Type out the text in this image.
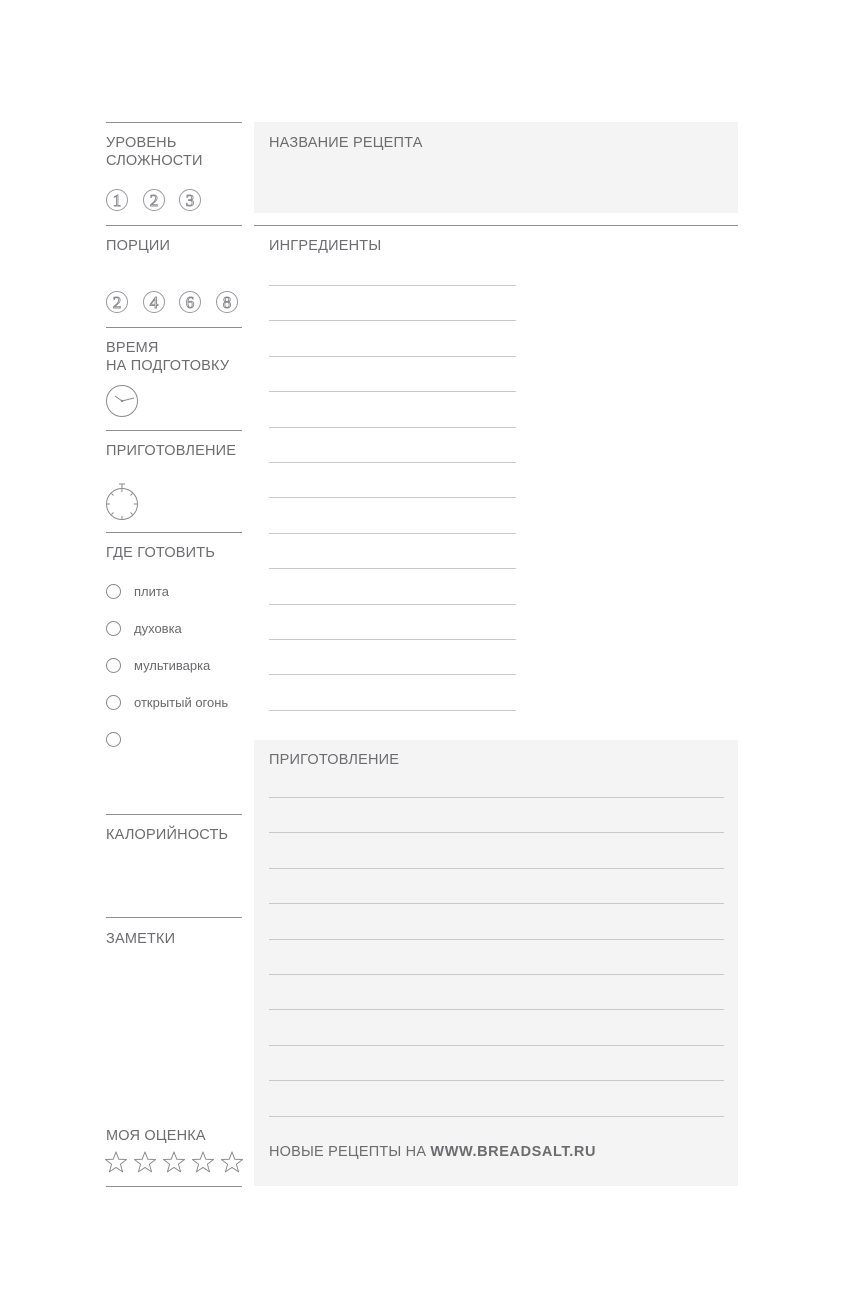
УРОВЕНЬ
СЛОЖНОСТИ
1	2	3
ПОРЦИИ
2	4	6	8
ВРЕМЯ
НА ПОДГОТОВКУ
ПРИГОТОВЛЕНИЕ
ГДЕ ГОТОВИТЬ
плита
духовка
мультиварка
открытый огонь
КАЛОРИЙНОСТЬ
ЗАМЕТКИ
МОЯ ОЦЕНКА
НАЗВАНИЕ РЕЦЕПТА
ИНГРЕДИЕНТЫ
ПРИГОТОВЛЕНИЕ
НОВЫЕ РЕЦЕПТЫ НА WWW.BREADSALT.RU
